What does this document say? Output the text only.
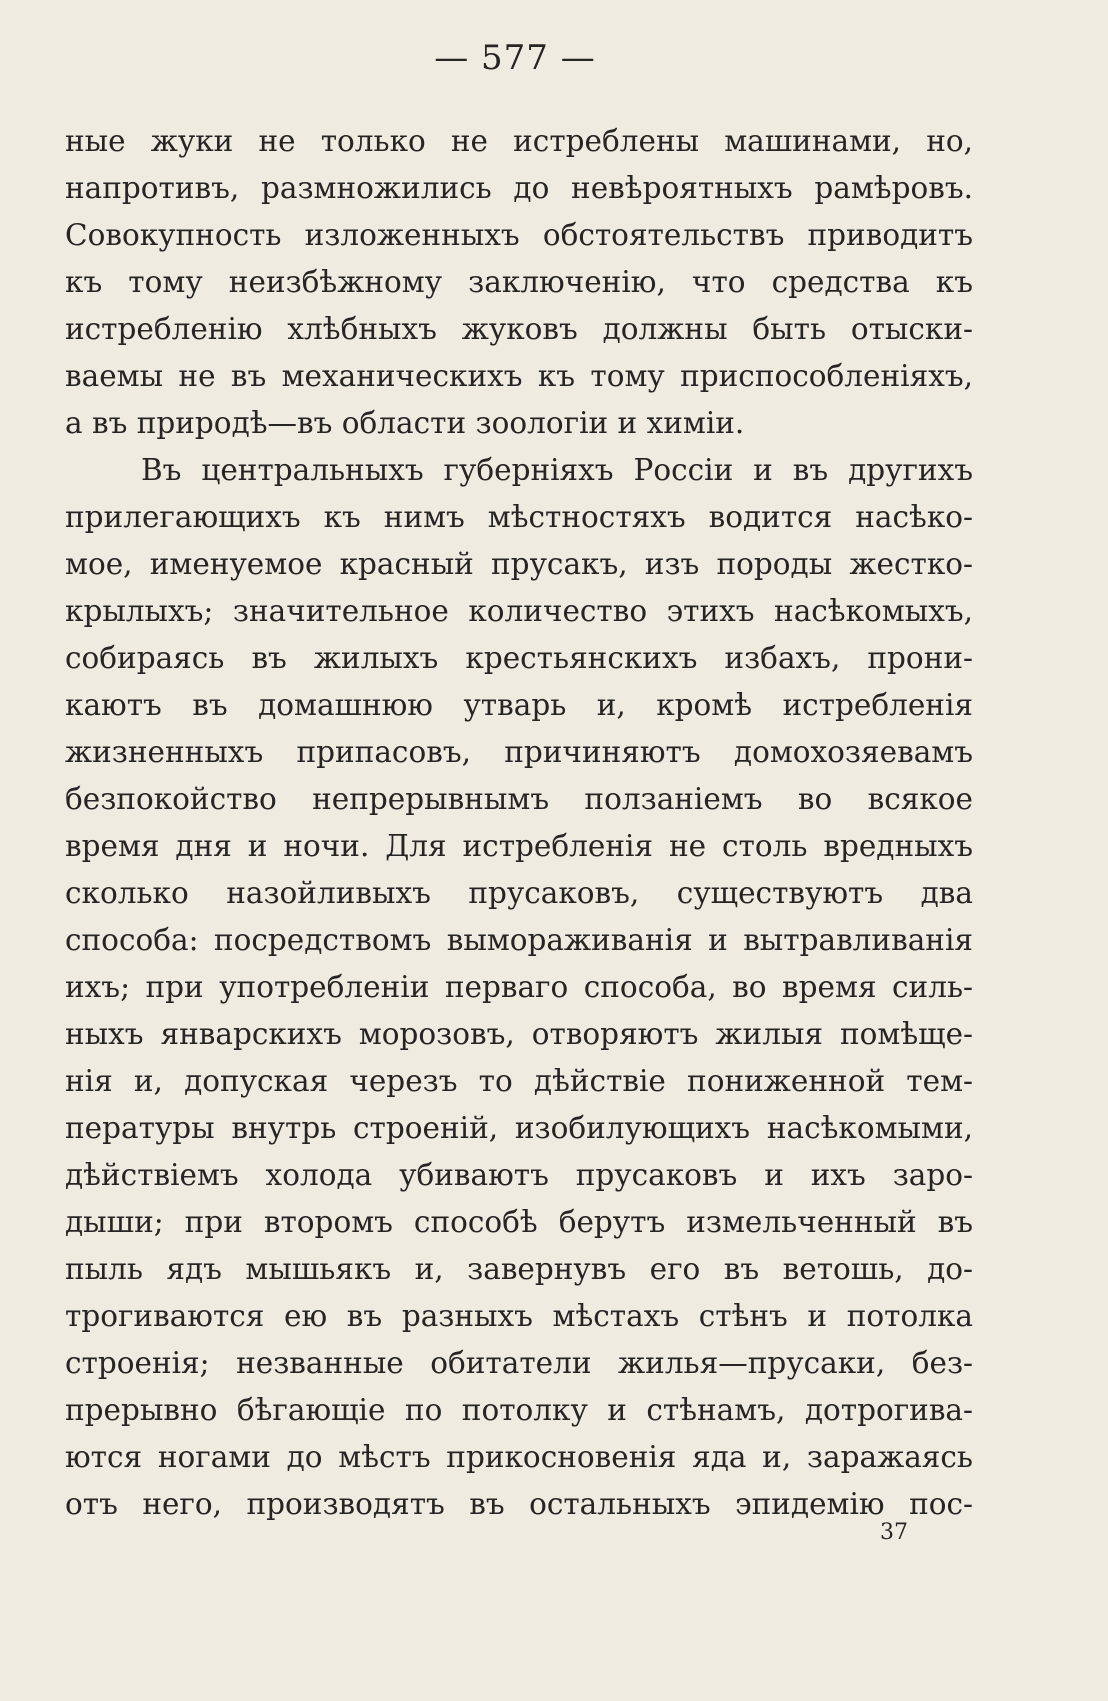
— 577 —
ные жуки не только не истреблены машинами, но,
напротивъ, размножились до невѣроятныхъ рамѣровъ.
Совокупность изложенныхъ обстоятельствъ приводитъ
къ тому неизбѣжному заключенію, что средства къ
истребленію хлѣбныхъ жуковъ должны быть отыски-
ваемы не въ механическихъ къ тому приспособленіяхъ,
а въ природѣ—въ области зоологіи и химіи.
Въ центральныхъ губерніяхъ Россіи и въ другихъ
прилегающихъ къ нимъ мѣстностяхъ водится насѣко-
мое, именуемое красный прусакъ, изъ породы жестко-
крылыхъ; значительное количество этихъ насѣкомыхъ,
собираясь въ жилыхъ крестьянскихъ избахъ, прони-
каютъ въ домашнюю утварь и, кромѣ истребленія
жизненныхъ припасовъ, причиняютъ домохозяевамъ
безпокойство непрерывнымъ ползаніемъ во всякое
время дня и ночи. Для истребленія не столь вредныхъ
сколько назойливыхъ прусаковъ, существуютъ два
способа: посредствомъ вымораживанія и вытравливанія
ихъ; при употребленіи перваго способа, во время силь-
ныхъ январскихъ морозовъ, отворяютъ жилыя помѣще-
нія и, допуская черезъ то дѣйствіе пониженной тем-
пературы внутрь строеній, изобилующихъ насѣкомыми,
дѣйствіемъ холода убиваютъ прусаковъ и ихъ заро-
дыши; при второмъ способѣ берутъ измельченный въ
пыль ядъ мышьякъ и, завернувъ его въ ветошь, до-
трогиваются ею въ разныхъ мѣстахъ стѣнъ и потолка
строенія; незванные обитатели жилья—прусаки, без-
прерывно бѣгающіе по потолку и стѣнамъ, дотрогива-
ются ногами до мѣстъ прикосновенія яда и, заражаясь
отъ него, производятъ въ остальныхъ эпидемію пос-
37
